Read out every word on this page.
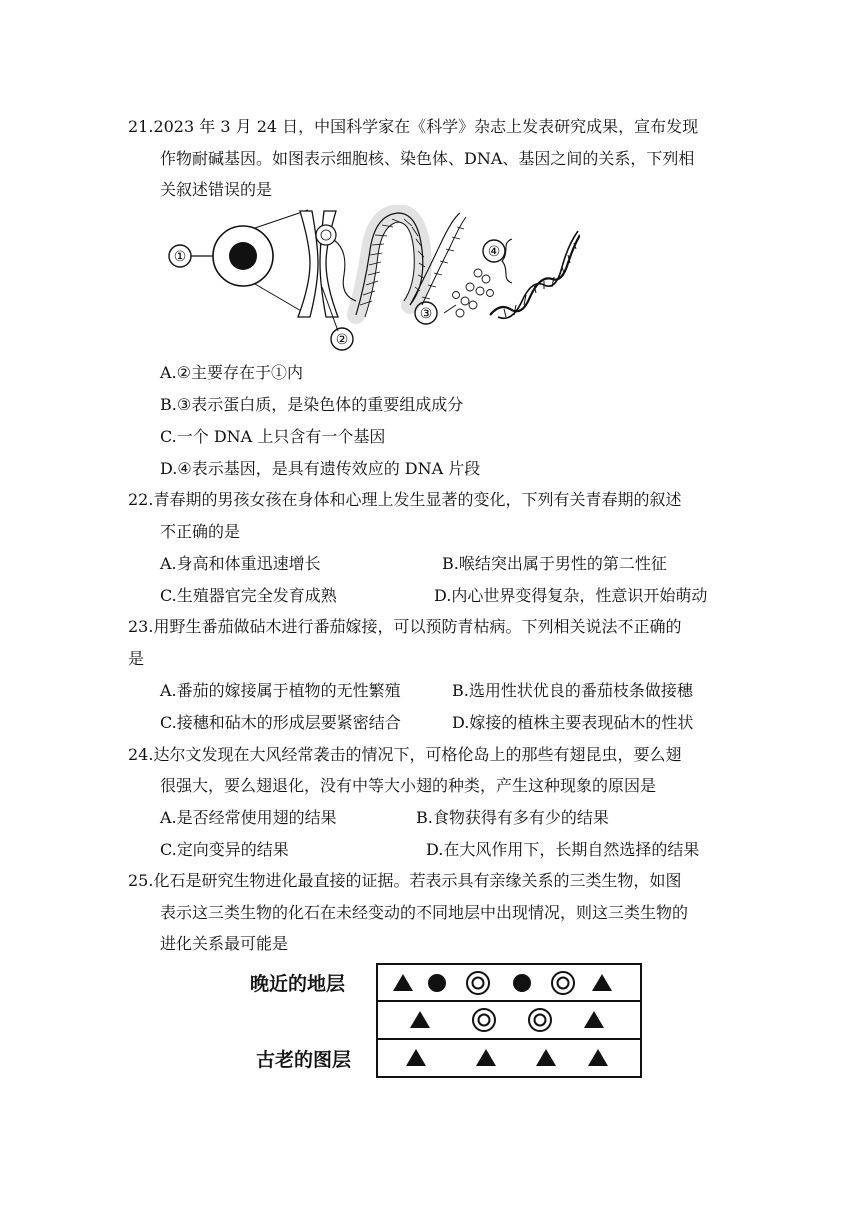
21.2023 年 3 月 24 日，中国科学家在《科学》杂志上发表研究成果，宣布发现
作物耐碱基因。如图表示细胞核、染色体、DNA、基因之间的关系，下列相
关叙述错误的是
①
②
③
④
A.②主要存在于①内
B.③表示蛋白质，是染色体的重要组成成分
C.一个 DNA 上只含有一个基因
D.④表示基因，是具有遗传效应的 DNA 片段
22.青春期的男孩女孩在身体和心理上发生显著的变化，下列有关青春期的叙述
不正确的是
A.身高和体重迅速增长	B.喉结突出属于男性的第二性征
C.生殖器官完全发育成熟	D.内心世界变得复杂，性意识开始萌动
23.用野生番茄做砧木进行番茄嫁接，可以预防青枯病。下列相关说法不正确的
是
A.番茄的嫁接属于植物的无性繁殖	B.选用性状优良的番茄枝条做接穗
C.接穗和砧木的形成层要紧密结合	D.嫁接的植株主要表现砧木的性状
24.达尔文发现在大风经常袭击的情况下，可格伦岛上的那些有翅昆虫，要么翅
很强大，要么翅退化，没有中等大小翅的种类，产生这种现象的原因是
A.是否经常使用翅的结果	B.食物获得有多有少的结果
C.定向变异的结果	D.在大风作用下，长期自然选择的结果
25.化石是研究生物进化最直接的证据。若表示具有亲缘关系的三类生物，如图
表示这三类生物的化石在未经变动的不同地层中出现情况，则这三类生物的
进化关系最可能是
晚近的地层
古老的图层
